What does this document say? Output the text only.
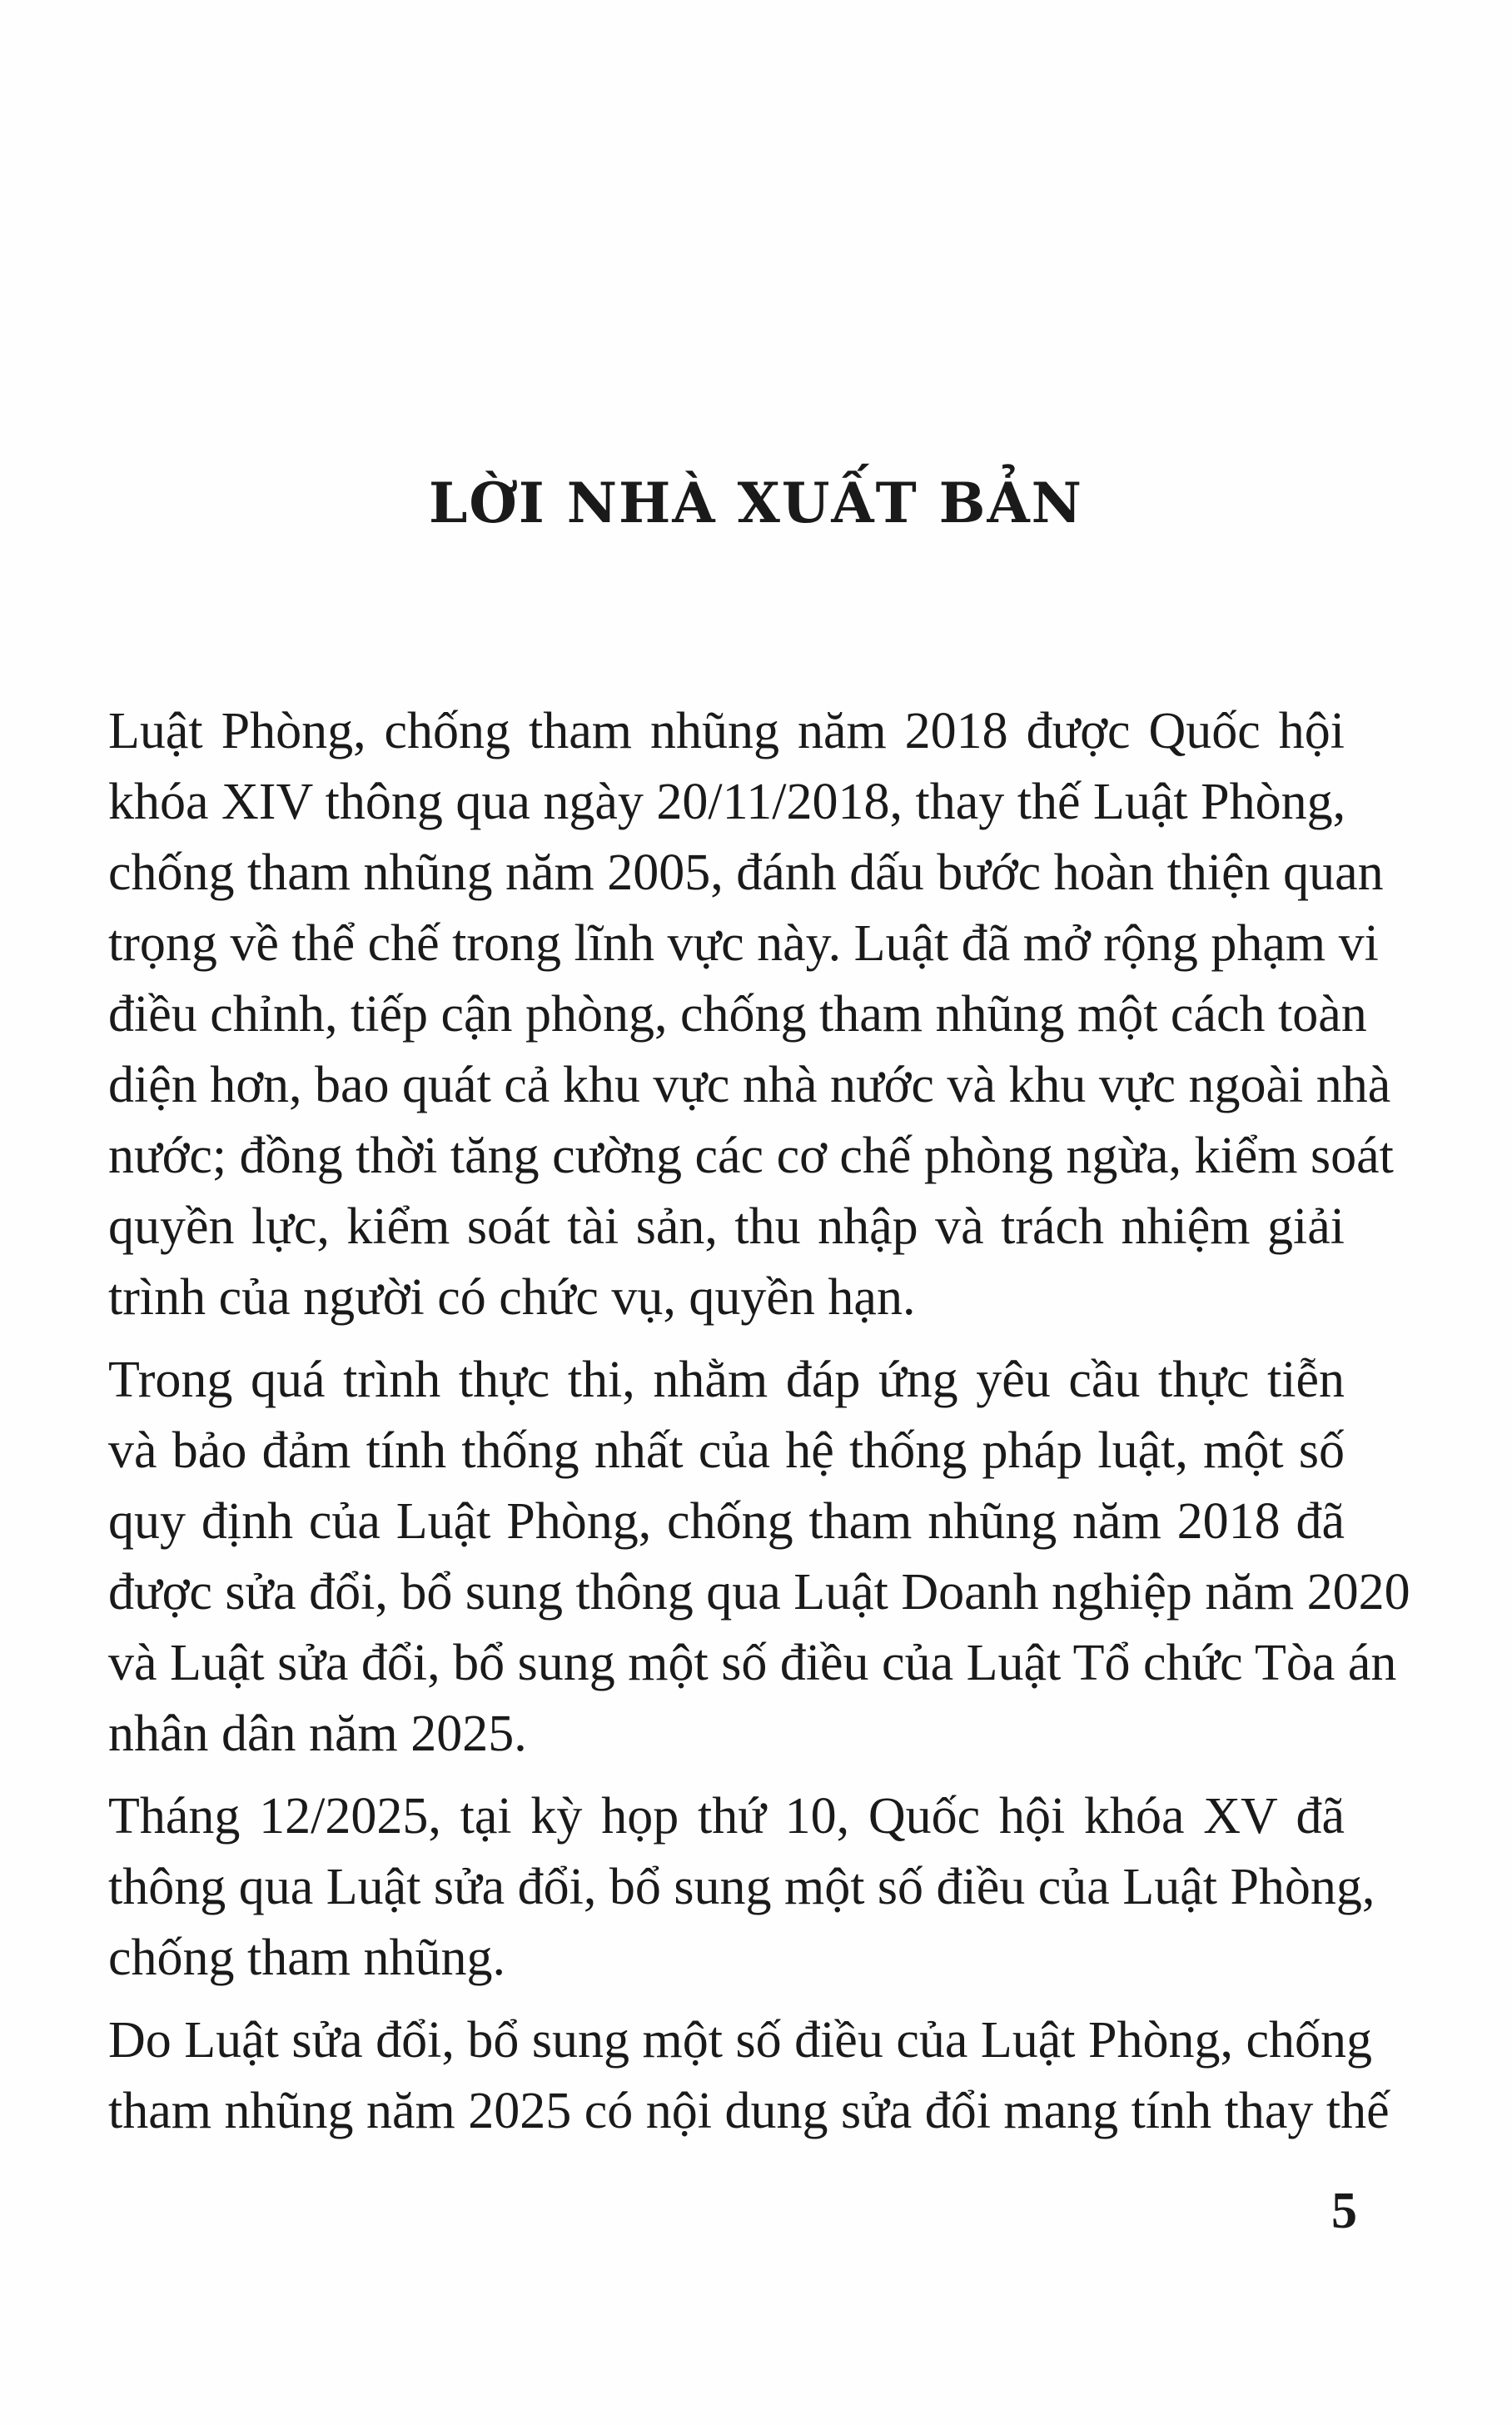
LỜI NHÀ XUẤT BẢN

Luật Phòng, chống tham nhũng năm 2018 được Quốc hội
khóa XIV thông qua ngày 20/11/2018, thay thế Luật Phòng,
chống tham nhũng năm 2005, đánh dấu bước hoàn thiện quan
trọng về thể chế trong lĩnh vực này. Luật đã mở rộng phạm vi
điều chỉnh, tiếp cận phòng, chống tham nhũng một cách toàn
diện hơn, bao quát cả khu vực nhà nước và khu vực ngoài nhà
nước; đồng thời tăng cường các cơ chế phòng ngừa, kiểm soát
quyền lực, kiểm soát tài sản, thu nhập và trách nhiệm giải
trình của người có chức vụ, quyền hạn.

Trong quá trình thực thi, nhằm đáp ứng yêu cầu thực tiễn
và bảo đảm tính thống nhất của hệ thống pháp luật, một số
quy định của Luật Phòng, chống tham nhũng năm 2018 đã
được sửa đổi, bổ sung thông qua Luật Doanh nghiệp năm 2020
và Luật sửa đổi, bổ sung một số điều của Luật Tổ chức Tòa án
nhân dân năm 2025.

Tháng 12/2025, tại kỳ họp thứ 10, Quốc hội khóa XV đã
thông qua Luật sửa đổi, bổ sung một số điều của Luật Phòng,
chống tham nhũng.

Do Luật sửa đổi, bổ sung một số điều của Luật Phòng, chống
tham nhũng năm 2025 có nội dung sửa đổi mang tính thay thế

5
